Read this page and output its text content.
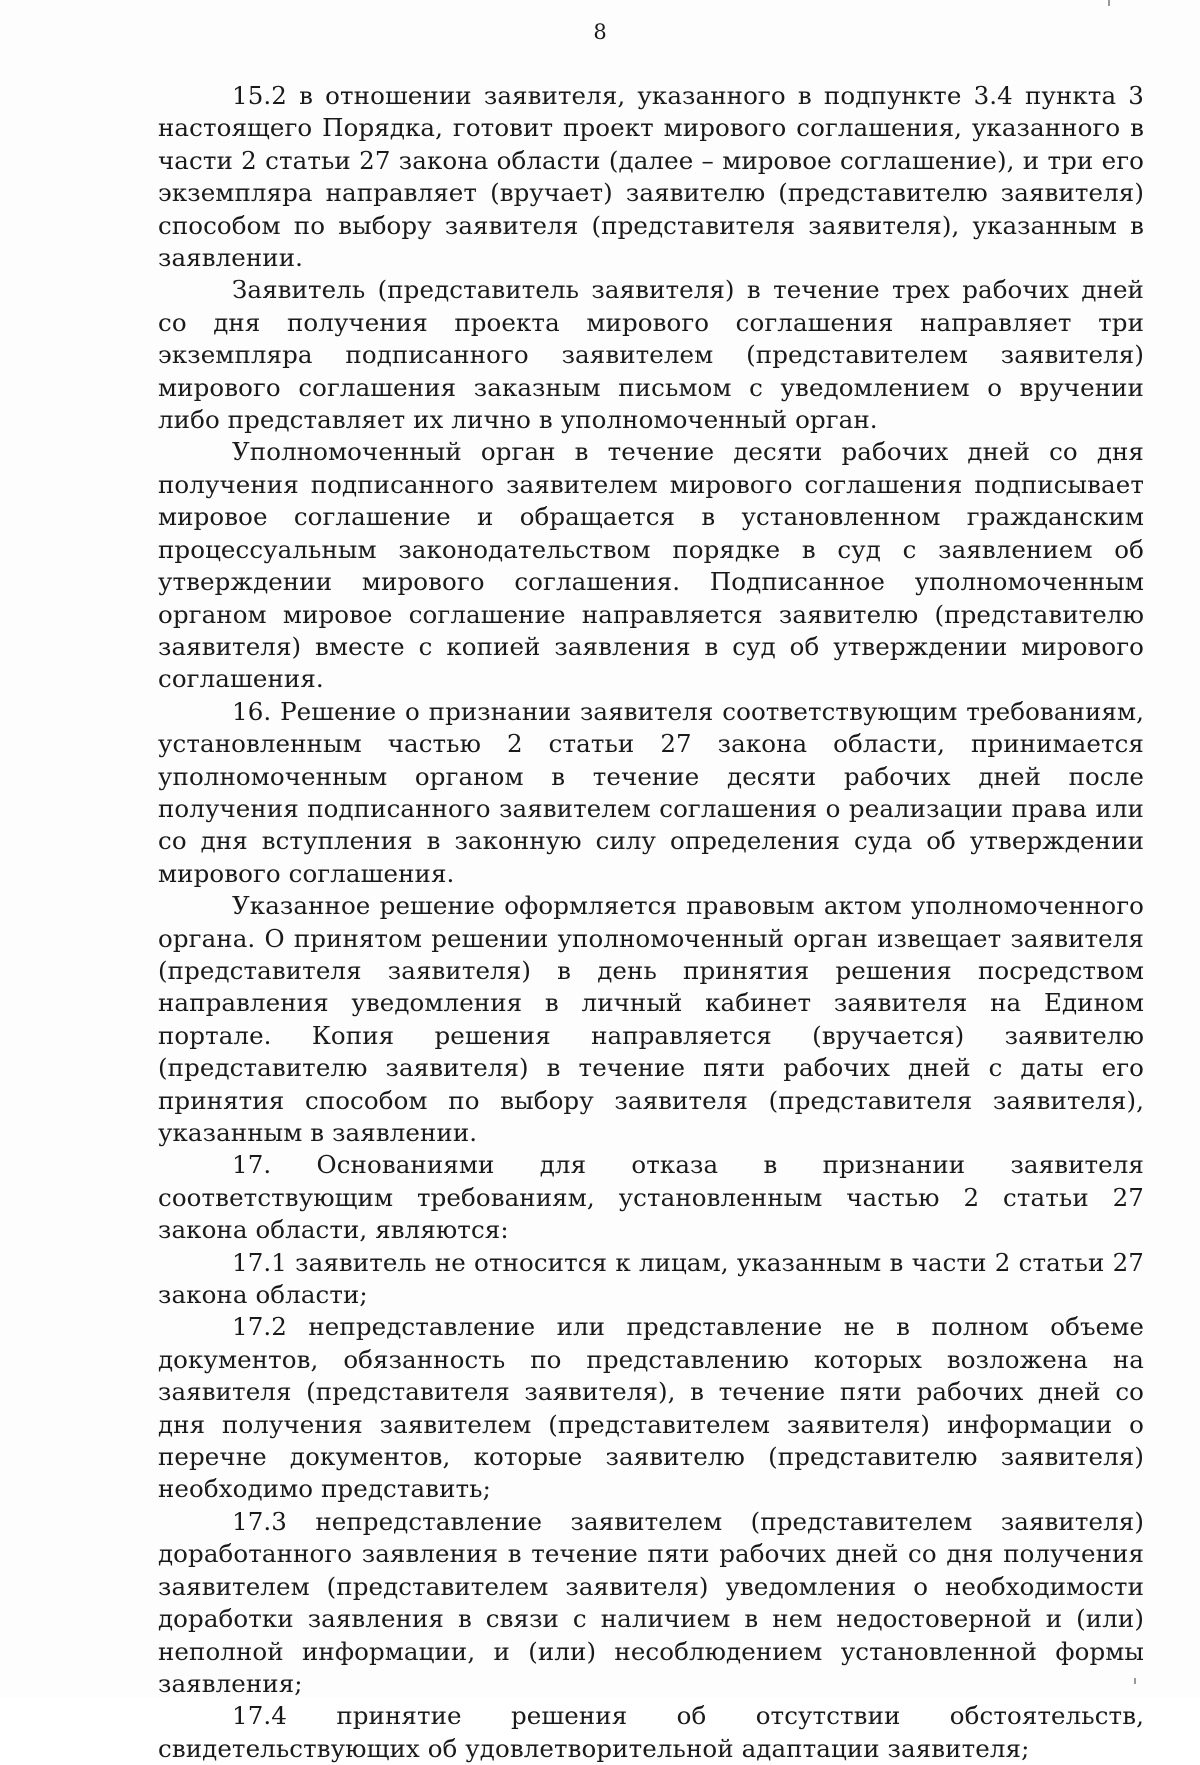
8

15.2 в отношении заявителя, указанного в подпункте 3.4 пункта 3 настоящего Порядка, готовит проект мирового соглашения, указанного в части 2 статьи 27 закона области (далее – мировое соглашение), и три его экземпляра направляет (вручает) заявителю (представителю заявителя) способом по выбору заявителя (представителя заявителя), указанным в заявлении.

Заявитель (представитель заявителя) в течение трех рабочих дней со дня получения проекта мирового соглашения направляет три экземпляра подписанного заявителем (представителем заявителя) мирового соглашения заказным письмом с уведомлением о вручении либо представляет их лично в уполномоченный орган.

Уполномоченный орган в течение десяти рабочих дней со дня получения подписанного заявителем мирового соглашения подписывает мировое соглашение и обращается в установленном гражданским процессуальным законодательством порядке в суд с заявлением об утверждении мирового соглашения. Подписанное уполномоченным органом мировое соглашение направляется заявителю (представителю заявителя) вместе с копией заявления в суд об утверждении мирового соглашения.

16. Решение о признании заявителя соответствующим требованиям, установленным частью 2 статьи 27 закона области, принимается уполномоченным органом в течение десяти рабочих дней после получения подписанного заявителем соглашения о реализации права или со дня вступления в законную силу определения суда об утверждении мирового соглашения.

Указанное решение оформляется правовым актом уполномоченного органа. О принятом решении уполномоченный орган извещает заявителя (представителя заявителя) в день принятия решения посредством направления уведомления в личный кабинет заявителя на Едином портале. Копия решения направляется (вручается) заявителю (представителю заявителя) в течение пяти рабочих дней с даты его принятия способом по выбору заявителя (представителя заявителя), указанным в заявлении.

17. Основаниями для отказа в признании заявителя соответствующим требованиям, установленным частью 2 статьи 27 закона области, являются:

17.1 заявитель не относится к лицам, указанным в части 2 статьи 27 закона области;

17.2 непредставление или представление не в полном объеме документов, обязанность по представлению которых возложена на заявителя (представителя заявителя), в течение пяти рабочих дней со дня получения заявителем (представителем заявителя) информации о перечне документов, которые заявителю (представителю заявителя) необходимо представить;

17.3 непредставление заявителем (представителем заявителя) доработанного заявления в течение пяти рабочих дней со дня получения заявителем (представителем заявителя) уведомления о необходимости доработки заявления в связи с наличием в нем недостоверной и (или) неполной информации, и (или) несоблюдением установленной формы заявления;

17.4 принятие решения об отсутствии обстоятельств, свидетельствующих об удовлетворительной адаптации заявителя;
